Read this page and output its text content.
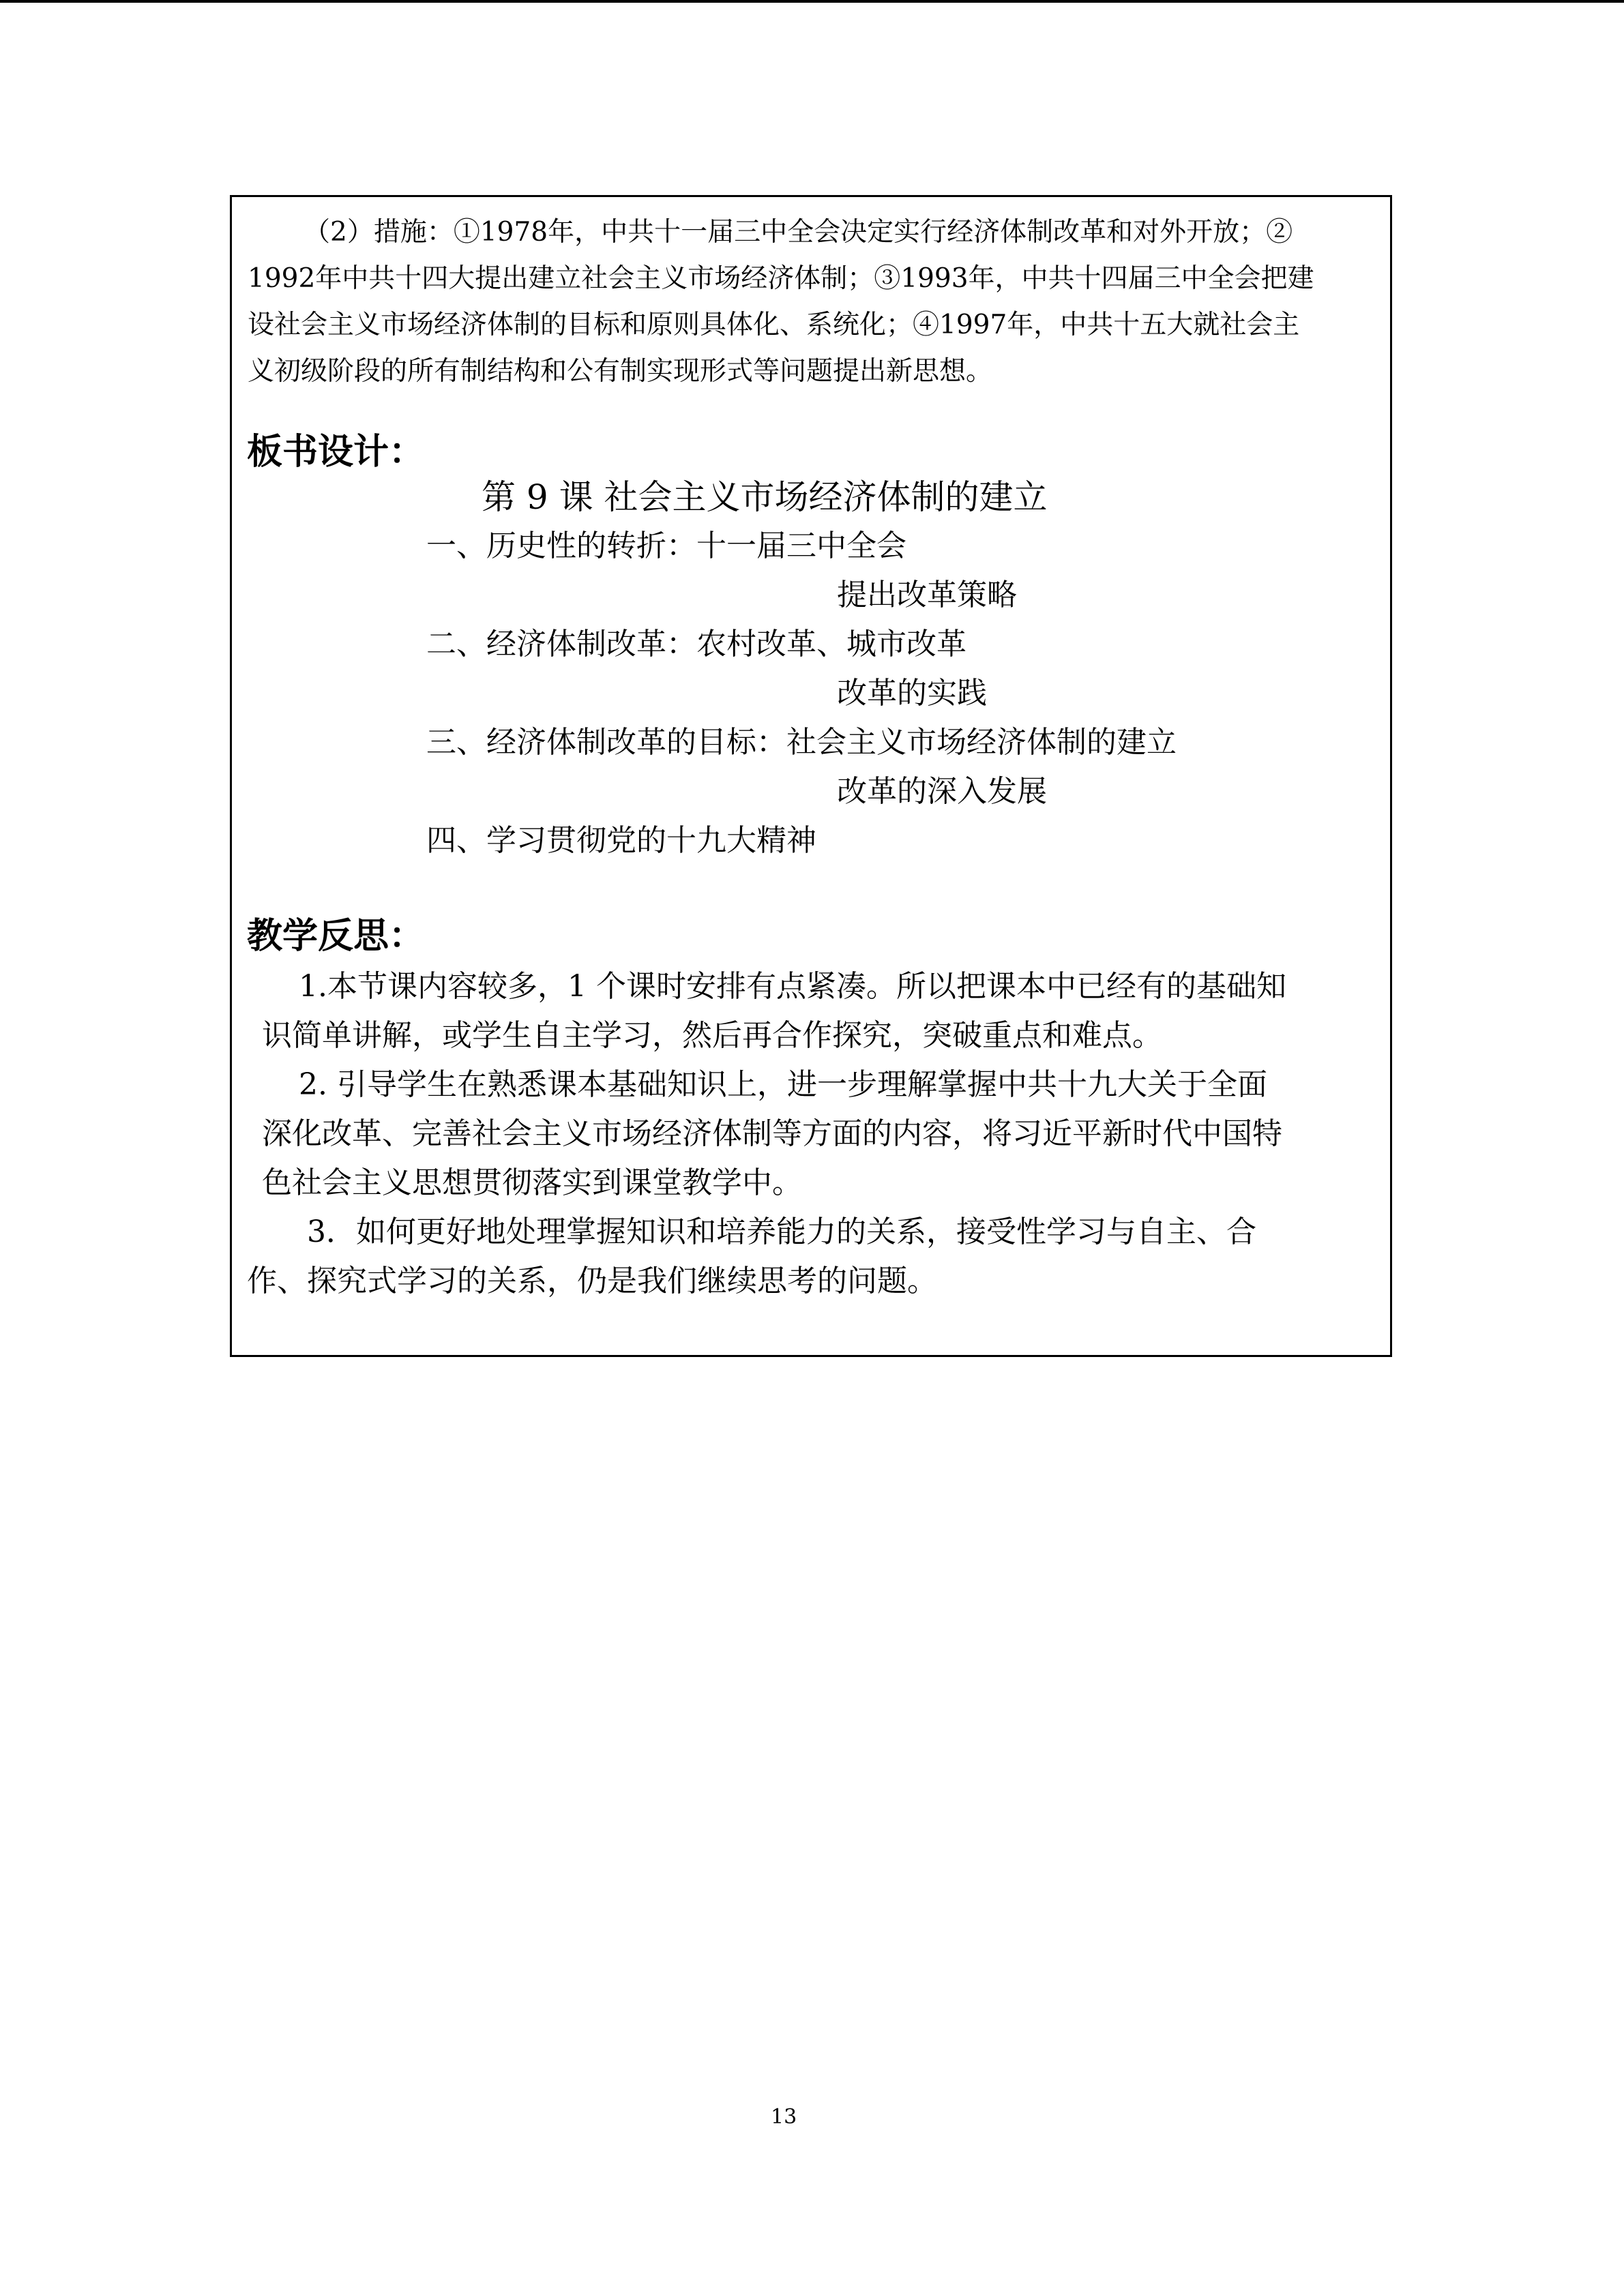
（2）措施：①1978年，中共十一届三中全会决定实行经济体制改革和对外开放；②

1992年中共十四大提出建立社会主义市场经济体制；③1993年，中共十四届三中全会把建

设社会主义市场经济体制的目标和原则具体化、系统化；④1997年，中共十五大就社会主

义初级阶段的所有制结构和公有制实现形式等问题提出新思想。

板书设计：

第 9 课 社会主义市场经济体制的建立

一、历史性的转折：十一届三中全会

提出改革策略

二、经济体制改革：农村改革、城市改革

改革的实践

三、经济体制改革的目标：社会主义市场经济体制的建立

改革的深入发展

四、学习贯彻党的十九大精神

教学反思：

1.本节课内容较多，1 个课时安排有点紧凑。所以把课本中已经有的基础知

识简单讲解，或学生自主学习，然后再合作探究，突破重点和难点。

2. 引导学生在熟悉课本基础知识上，进一步理解掌握中共十九大关于全面

深化改革、完善社会主义市场经济体制等方面的内容，将习近平新时代中国特

色社会主义思想贯彻落实到课堂教学中。

3．如何更好地处理掌握知识和培养能力的关系，接受性学习与自主、合

作、探究式学习的关系，仍是我们继续思考的问题。

13
